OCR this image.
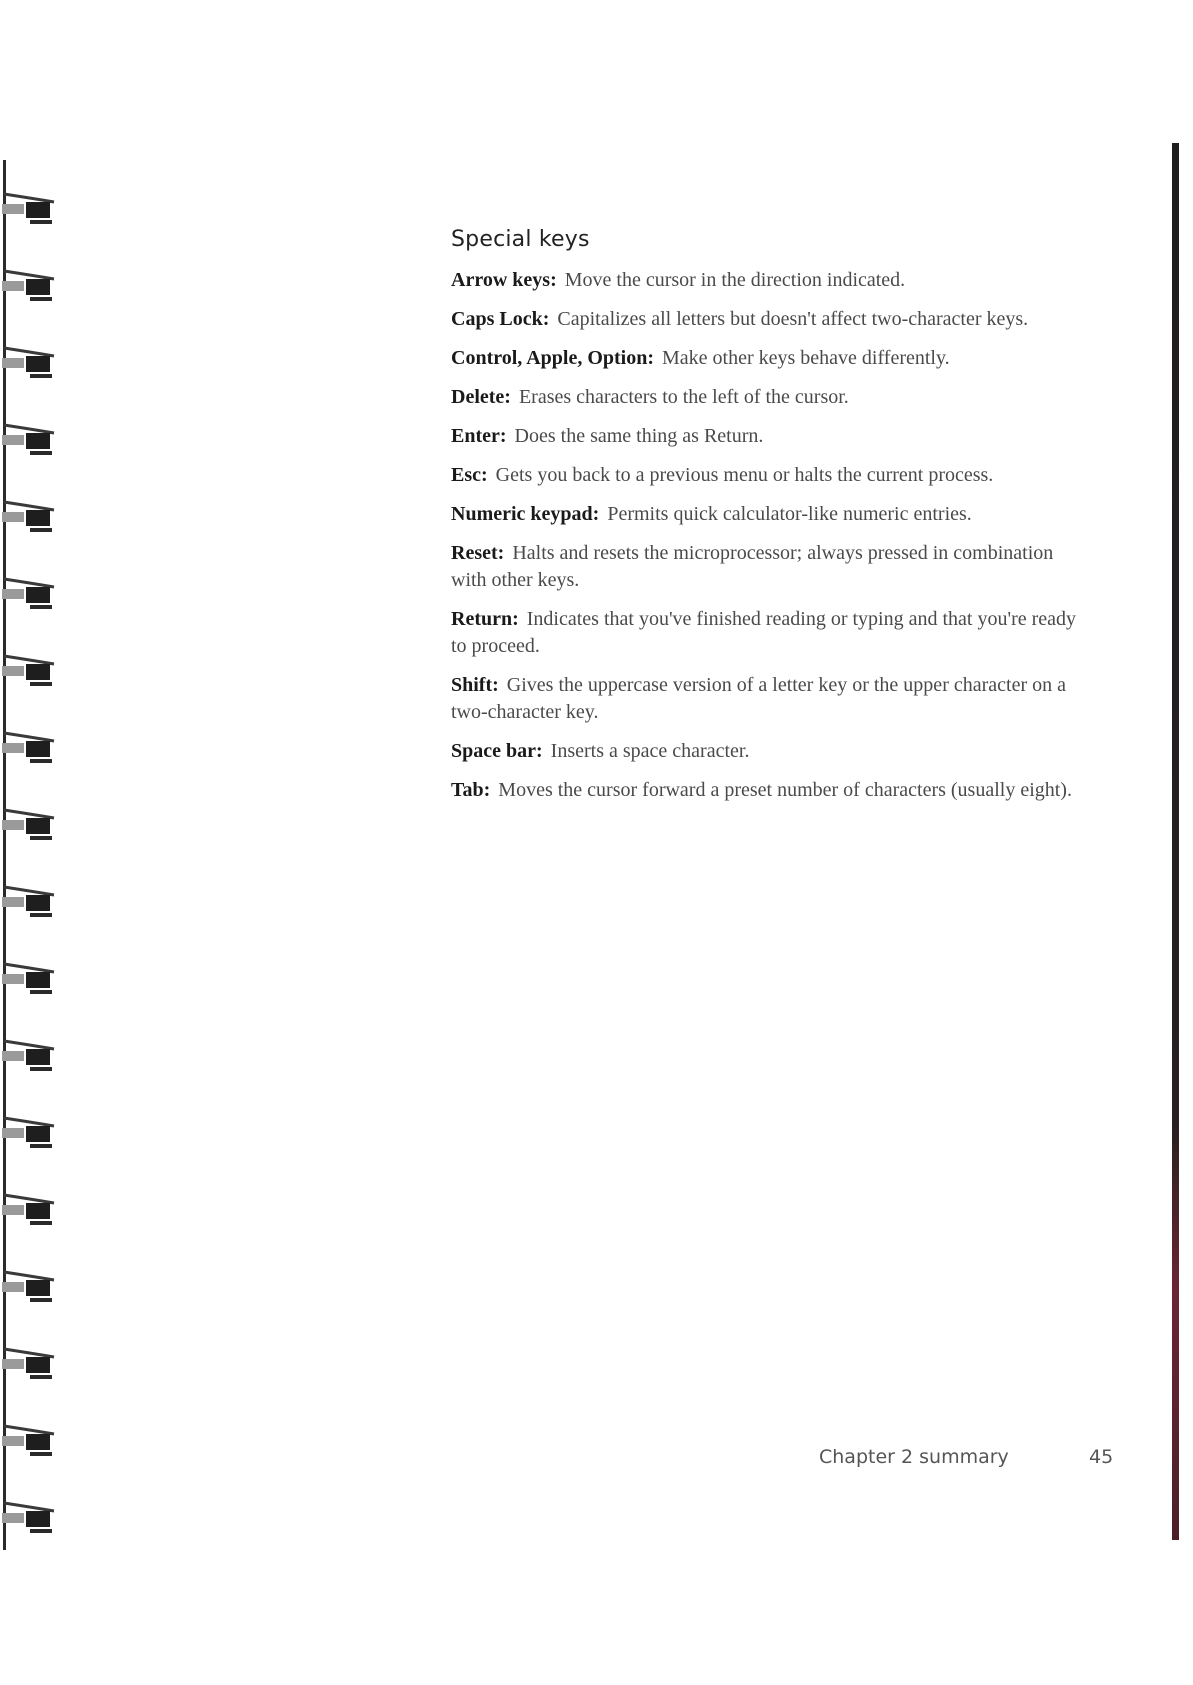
Special keys

Arrow keys: Move the cursor in the direction indicated.

Caps Lock: Capitalizes all letters but doesn't affect two-character keys.

Control, Apple, Option: Make other keys behave differently.

Delete: Erases characters to the left of the cursor.

Enter: Does the same thing as Return.

Esc: Gets you back to a previous menu or halts the current process.

Numeric keypad: Permits quick calculator-like numeric entries.

Reset: Halts and resets the microprocessor; always pressed in combination with other keys.

Return: Indicates that you've finished reading or typing and that you're ready to proceed.

Shift: Gives the uppercase version of a letter key or the upper character on a two-character key.

Space bar: Inserts a space character.

Tab: Moves the cursor forward a preset number of characters (usually eight).

Chapter 2 summary	45
